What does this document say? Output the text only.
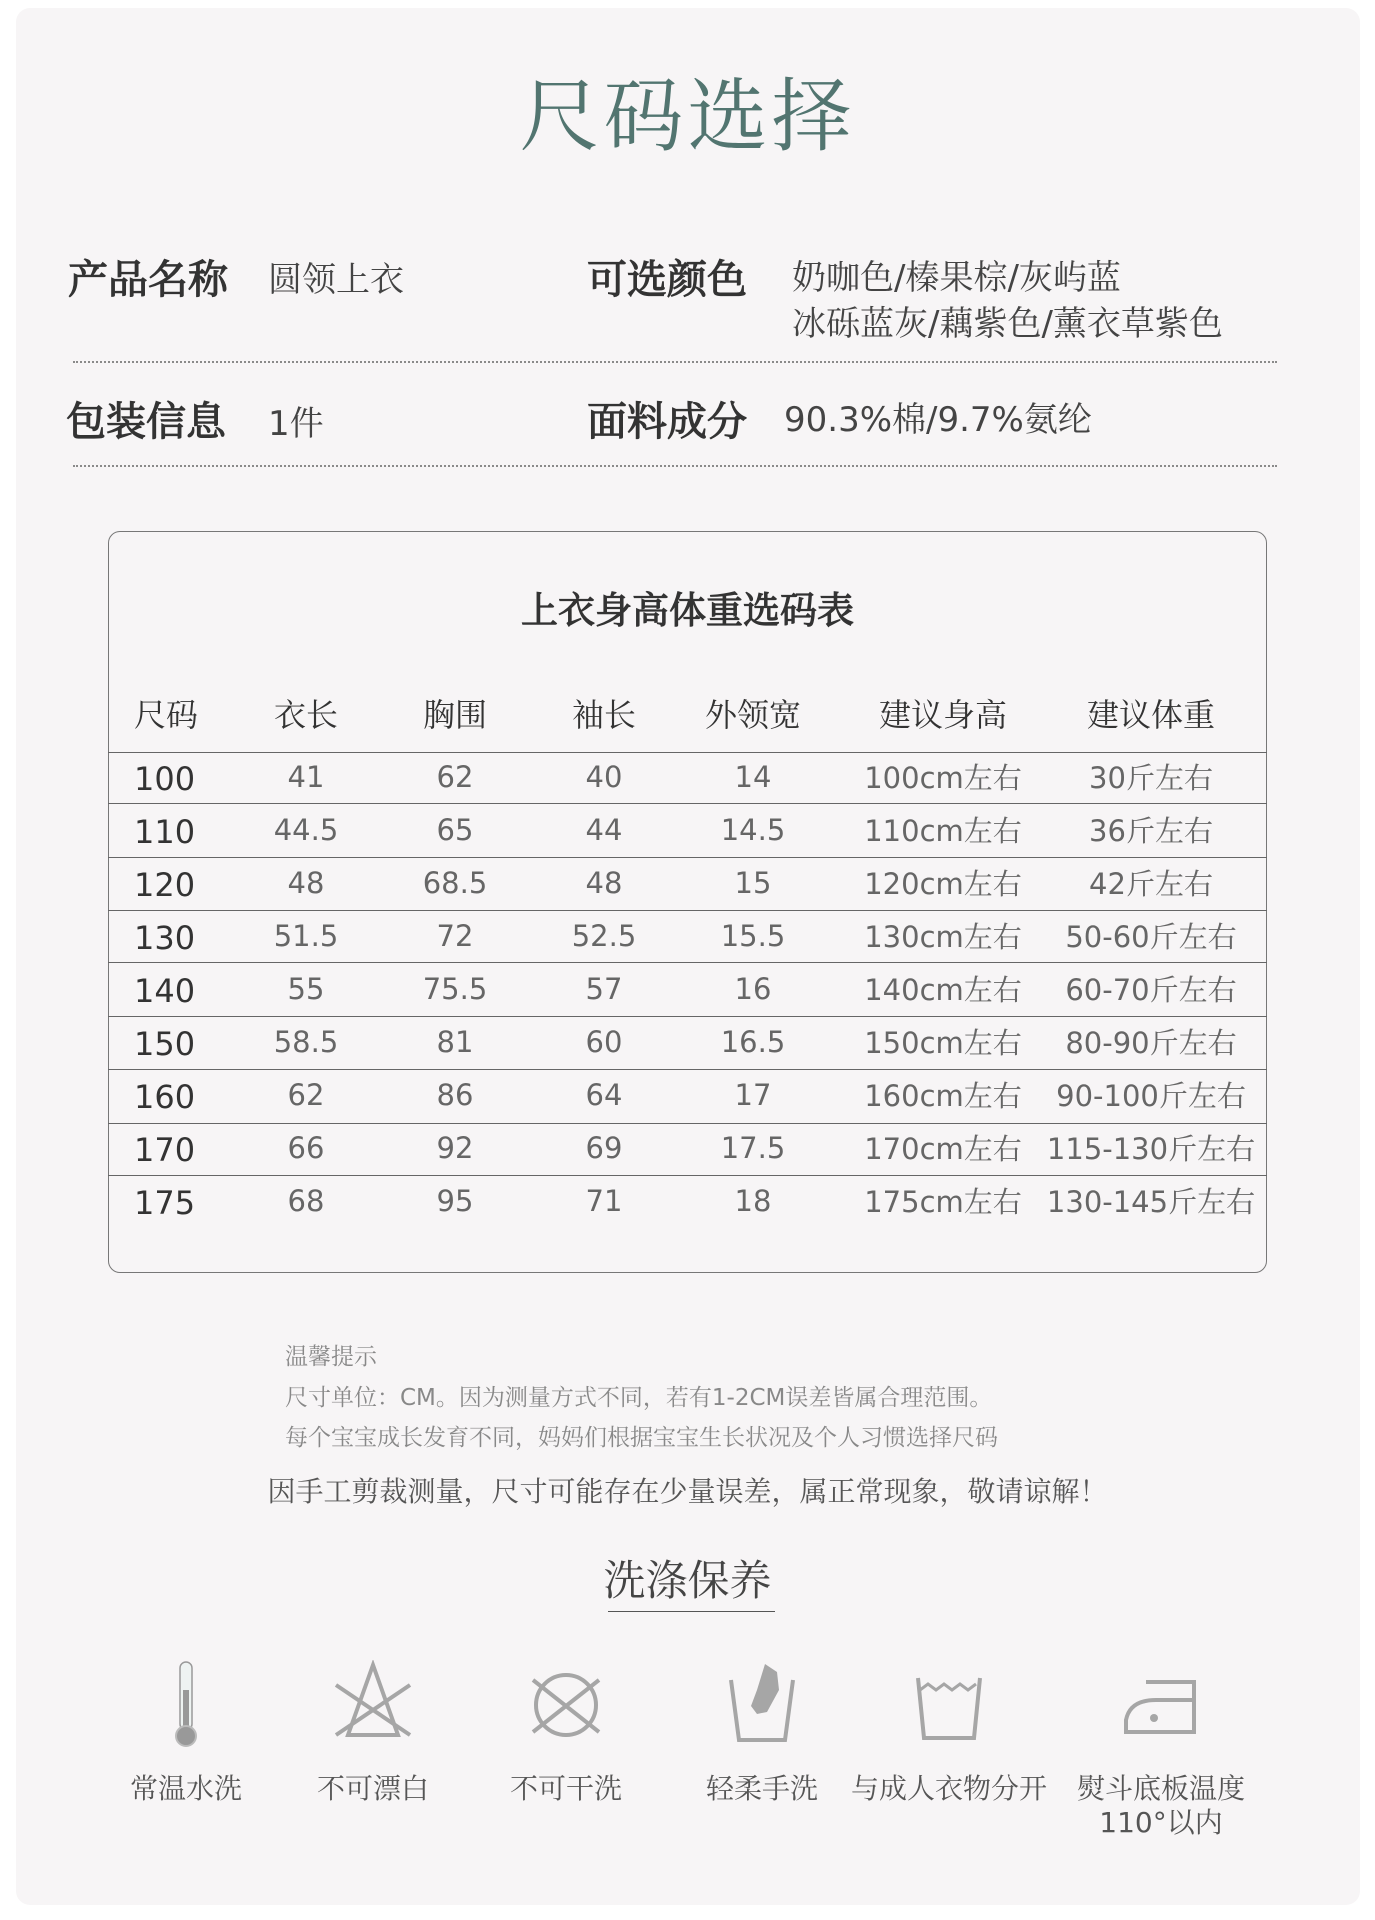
尺码选择
产品名称 圆领上衣	可选颜色 奶咖色/榛果棕/灰屿蓝
冰砾蓝灰/藕紫色/薰衣草紫色
包装信息 1件	面料成分 90.3%棉/9.7%氨纶
上衣身高体重选码表
尺码 衣长	胸围	袖长 外领宽 建议身高 建议体重
100	41	62	40	14	100cm左右 30斤左右
110	44.5	65	44	14.5	110cm左右 36斤左右
120	48	68.5	48	15	120cm左右 42斤左右
130	51.5	72	52.5	15.5	130cm左右 50-60斤左右
140	55	75.5	57	16	140cm左右 60-70斤左右
150	58.5	81	60	16.5	150cm左右 80-90斤左右
160	62	86	64	17	160cm左右 90-100斤左右
170	66	92	69	17.5	170cm左右 115-130斤左右
175	68	95	71	18	175cm左右 130-145斤左右
温馨提示
尺寸单位：CM。因为测量方式不同，若有1-2CM误差皆属合理范围。
每个宝宝成长发育不同，妈妈们根据宝宝生长状况及个人习惯选择尺码
因手工剪裁测量，尺寸可能存在少量误差，属正常现象，敬请谅解！
洗涤保养
常温水洗	不可漂白	不可干洗	轻柔手洗	与成人衣物分开	熨斗底板温度
110°以内
